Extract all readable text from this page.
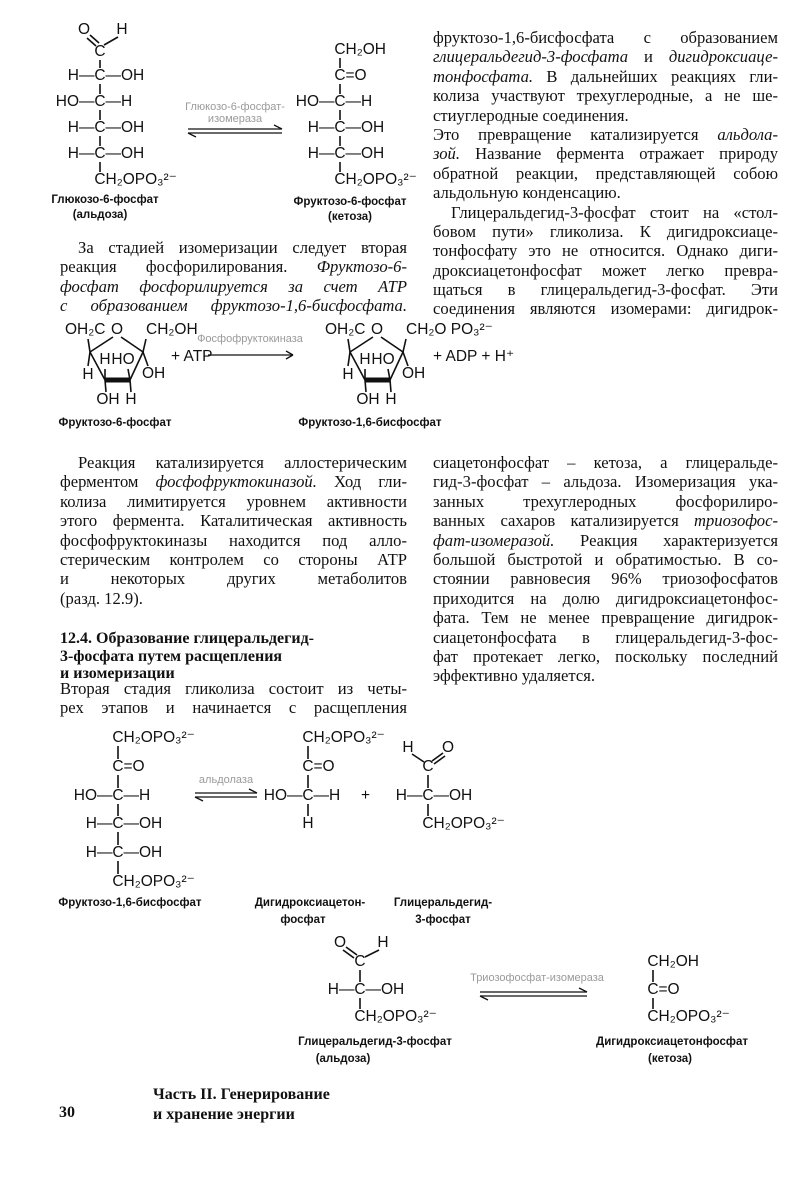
фруктозо-1,6-бисфосфата с образованием
глицеральдегид-3-фосфата и дигидроксиаце-
тонфосфата. В дальнейших реакциях гли-
колиза участвуют трехуглеродные, а не ше-
стиуглеродные соединения.
Это превращение катализируется альдола-
зой. Название фермента отражает природу
обратной реакции, представляющей собою
альдольную конденсацию.
Глицеральдегид-3-фосфат стоит на «стол-
бовом пути» гликолиза. К дигидроксиаце-
тонфосфату это не относится. Однако диги-
дроксиацетонфосфат может легко превра-
щаться в глицеральдегид-3-фосфат. Эти
соединения являются изомерами: дигидрок-
За стадией изомеризации следует вторая
реакция фосфорилирования. Фруктозо-6-
фосфат фосфорилируется за счет АТР
с образованием фруктозо-1,6-бисфосфата.
Реакция катализируется аллостерическим
ферментом фосфофруктокиназой. Ход гли-
колиза лимитируется уровнем активности
этого фермента. Каталитическая активность
фосфофруктокиназы находится под алло-
стерическим контролем со стороны АТР
и некоторых других метаболитов
(разд. 12.9).
12.4. Образование глицеральдегид-
3-фосфата путем расщепления
и изомеризации
Вторая стадия гликолиза состоит из четы-
рех этапов и начинается с расщепления
сиацетонфосфат – кетоза, а глицеральде-
гид-3-фосфат – альдоза. Изомеризация ука-
занных трехуглеродных фосфорилиро-
ванных сахаров катализируется триозофос-
фат-изомеразой. Реакция характеризуется
большой быстротой и обратимостью. В со-
стоянии равновесия 96% триозофосфатов
приходится на долю дигидроксиацетонфос-
фата. Тем не менее превращение дигидрок-
сиацетонфосфата в глицеральдегид-3-фос-
фат протекает легко, поскольку последний
эффективно удаляется.
O H
C
H— C —OH
HO— C —H
H— C —OH
H— C —OH
C H₂OPO₃²⁻
Глюкозо-6-фосфат
(альдоза)
Глюкозо-6-фосфат-
изомераза
C H₂OH
C =O
HO— C —H
H— C —OH
H— C —OH
C H₂OPO₃²⁻
Фруктозо-6-фосфат
(кетоза)
OH₂C O	CH₂OH
H
H HO
OH
OH H
OH₂C O	CH₂O PO₃²⁻
H
H HO
OH
OH H
Фруктозо-6-фосфат	Фруктозо-1,6-бисфосфат
+ ATP
Фосфофруктокиназа
+ ADP + H⁺
C H₂OPO₃²⁻
C =O
HO— C —H
H— C —OH
H— C —OH
C H₂OPO₃²⁻
Фруктозо-1,6-бисфосфат
альдолаза
C H₂OPO₃²⁻
C =O
HO— C —H
H
Дигидроксиацетон-
фосфат
+
H O
C
H— C —OH
C H₂OPO₃²⁻
Глицеральдегид-
3-фосфат
O H
C
H— C —OH
C H₂OPO₃²⁻
Глицеральдегид-3-фосфат
(альдоза)
Триозофосфат-изомераза
C H₂OH
C =O
C H₂OPO₃²⁻
Дигидроксиацетонфосфат
(кетоза)
30
Часть II. Генерирование
и хранение энергии
